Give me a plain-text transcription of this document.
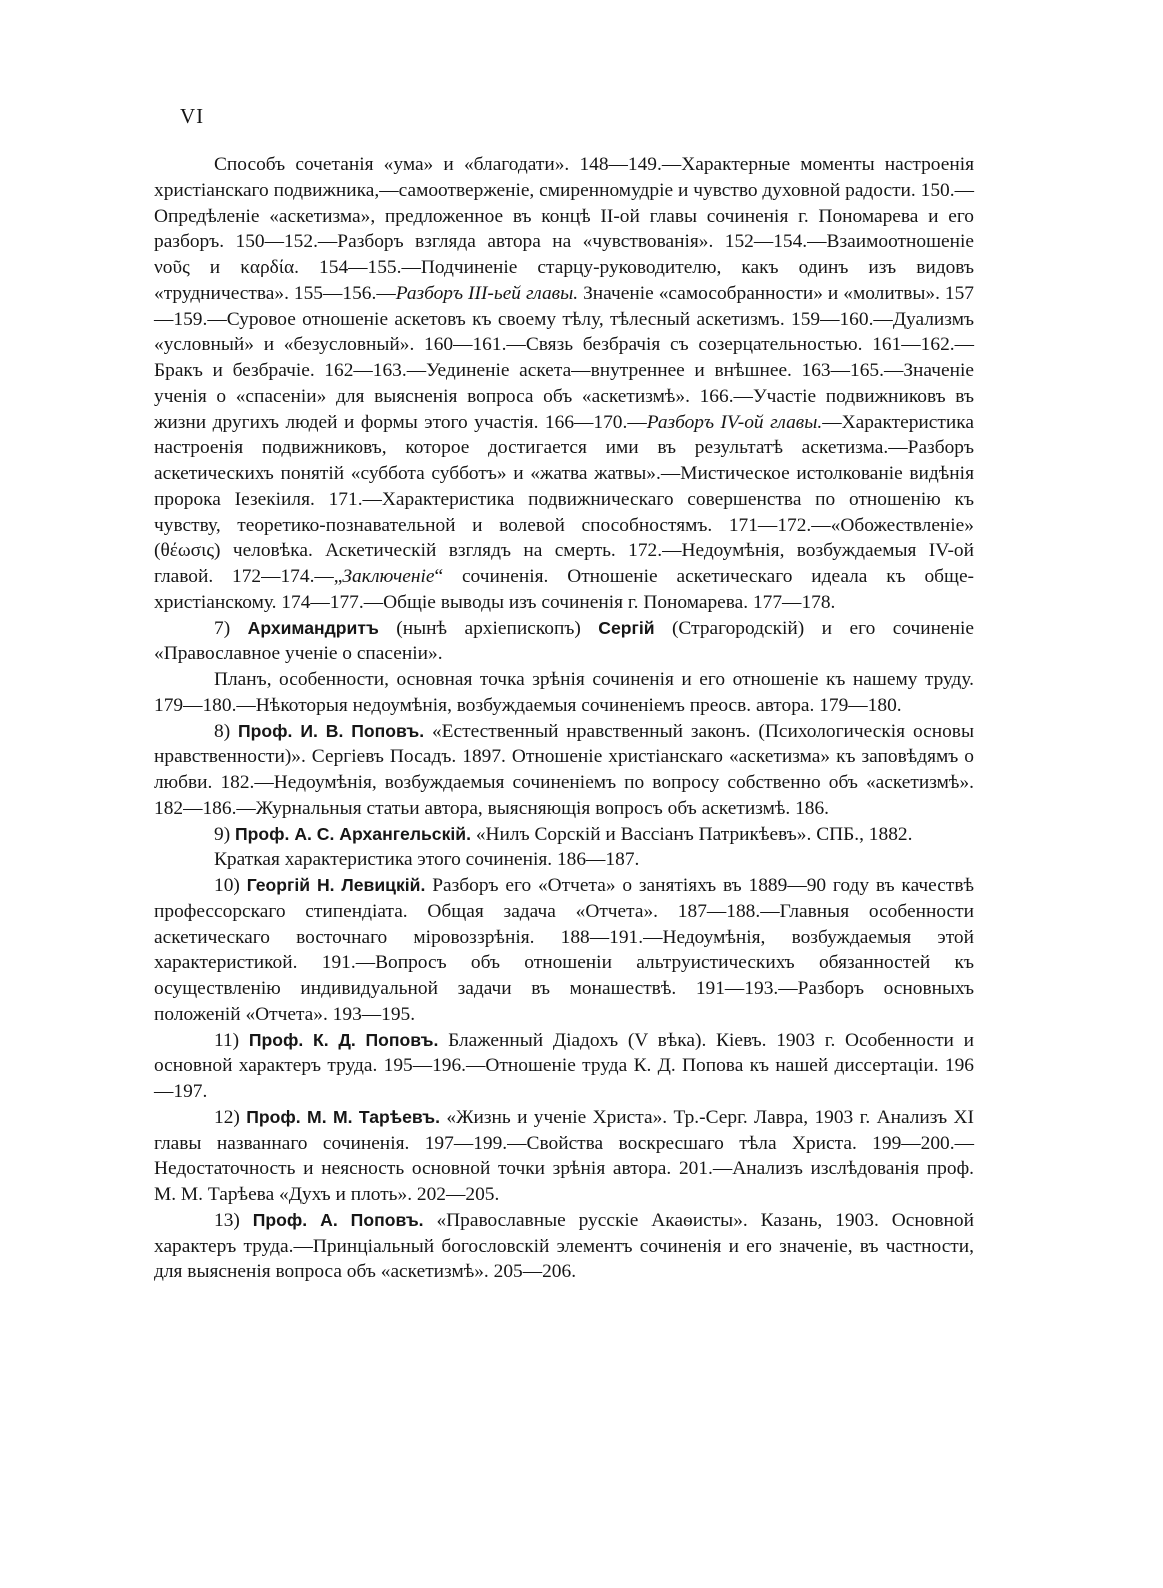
VI

Способъ сочетанія «ума» и «благодати». 148—149.—Характерные моменты настроенія христіанскаго подвижника,—самоотверженіе, смиренномудріе и чувство духовной радости. 150.—Опредѣленіе «аскетизма», предложенное въ концѣ II-ой главы сочиненія г. Пономарева и его разборъ. 150—152.—Разборъ взгляда автора на «чувствованія». 152—154.—Взаимоотношеніе νοῦς и καρδία. 154—155.—Подчиненіе старцу-руководителю, какъ одинъ изъ видовъ «трудничества». 155—156.—Разборъ III-ьей главы. Значеніе «самособранности» и «молитвы». 157—159.—Суровое отношеніе аскетовъ къ своему тѣлу, тѣлесный аскетизмъ. 159—160.—Дуализмъ «условный» и «безусловный». 160—161.—Связь безбрачія съ созерцательностью. 161—162.—Бракъ и безбрачіе. 162—163.—Уединеніе аскета—внутреннее и внѣшнее. 163—165.—Значеніе ученія о «спасеніи» для выясненія вопроса объ «аскетизмѣ». 166.—Участіе подвижниковъ въ жизни другихъ людей и формы этого участія. 166—170.—Разборъ IV-ой главы.—Характеристика настроенія подвижниковъ, которое достигается ими въ результатѣ аскетизма.—Разборъ аскетическихъ понятій «суббота субботъ» и «жатва жатвы».—Мистическое истолкованіе видѣнія пророка Іезекіиля. 171.—Характеристика подвижническаго совершенства по отношенію къ чувству, теоретико-познавательной и волевой способностямъ. 171—172.—«Обожествленіе» (θέωσις) человѣка. Аскетическій взглядъ на смерть. 172.—Недоумѣнія, возбуждаемыя IV-ой главой. 172—174.—„Заключеніе“ сочиненія. Отношеніе аскетическаго идеала къ обще-христіанскому. 174—177.—Общіе выводы изъ сочиненія г. Пономарева. 177—178.

7) Архимандритъ (нынѣ архіепископъ) Сергій (Страгородскій) и его сочиненіе «Православное ученіе о спасеніи».

Планъ, особенности, основная точка зрѣнія сочиненія и его отношеніе къ нашему труду. 179—180.—Нѣкоторыя недоумѣнія, возбуждаемыя сочиненіемъ преосв. автора. 179—180.

8) Проф. И. В. Поповъ. «Естественный нравственный законъ. (Психологическія основы нравственности)». Сергіевъ Посадъ. 1897. Отношеніе христіанскаго «аскетизма» къ заповѣдямъ о любви. 182.—Недоумѣнія, возбуждаемыя сочиненіемъ по вопросу собственно объ «аскетизмѣ». 182—186.—Журнальныя статьи автора, выясняющія вопросъ объ аскетизмѣ. 186.

9) Проф. А. С. Архангельскій. «Нилъ Сорскій и Вассіанъ Патрикѣевъ». СПБ., 1882.

Краткая характеристика этого сочиненія. 186—187.

10) Георгій Н. Левицкій. Разборъ его «Отчета» о занятіяхъ въ 1889—90 году въ качествѣ профессорскаго стипендіата. Общая задача «Отчета». 187—188.—Главныя особенности аскетическаго восточнаго міровоззрѣнія. 188—191.—Недоумѣнія, возбуждаемыя этой характеристикой. 191.—Вопросъ объ отношеніи альтруистическихъ обязанностей къ осуществленію индивидуальной задачи въ монашествѣ. 191—193.—Разборъ основныхъ положеній «Отчета». 193—195.

11) Проф. К. Д. Поповъ. Блаженный Діадохъ (V вѣка). Кіевъ. 1903 г. Особенности и основной характеръ труда. 195—196.—Отношеніе труда К. Д. Попова къ нашей диссертаціи. 196—197.

12) Проф. М. М. Тарѣевъ. «Жизнь и ученіе Христа». Тр.-Серг. Лавра, 1903 г. Анализъ XI главы названнаго сочиненія. 197—199.—Свойства воскресшаго тѣла Христа. 199—200.—Недостаточность и неясность основной точки зрѣнія автора. 201.—Анализъ изслѣдованія проф. М. М. Тарѣева «Духъ и плоть». 202—205.

13) Проф. А. Поповъ. «Православные русскіе Акаѳисты». Казань, 1903. Основной характеръ труда.—Принціальный богословскій элементъ сочиненія и его значеніе, въ частности, для выясненія вопроса объ «аскетизмѣ». 205—206.
